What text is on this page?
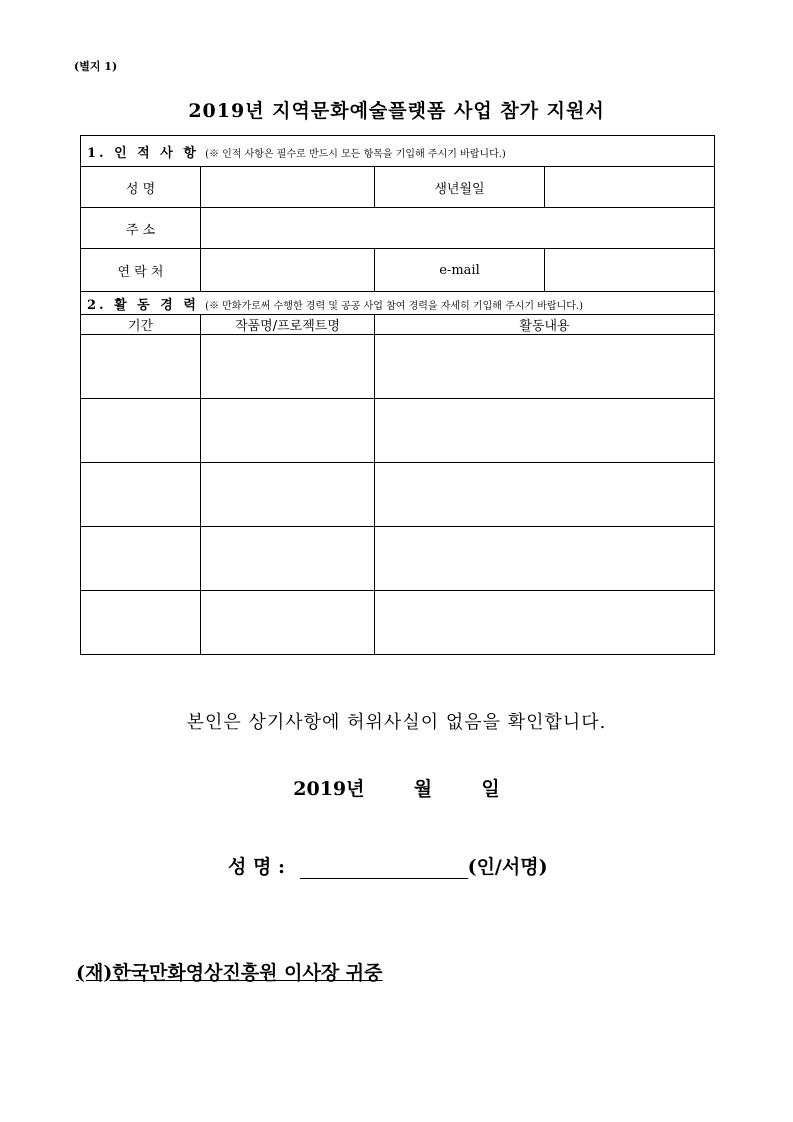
(별지 1)
2019년 지역문화예술플랫폼 사업 참가 지원서
1. 인 적 사 항 (※ 인적 사항은 필수로 반드시 모든 항목을 기입해 주시기 바랍니다.)			
성 명		생년월일	
주 소			
연 락 처		e-mail	
2. 활 동 경 력 (※ 만화가로써 수행한 경력 및 공공 사업 참여 경력을 자세히 기입해 주시기 바랍니다.)			
기간	작품명/프로젝트명	활동내용	

본인은 상기사항에 허위사실이 없음을 확인합니다.
2019년	월	일
성 명 :	(인/서명)
(재)한국만화영상진흥원 이사장 귀중
